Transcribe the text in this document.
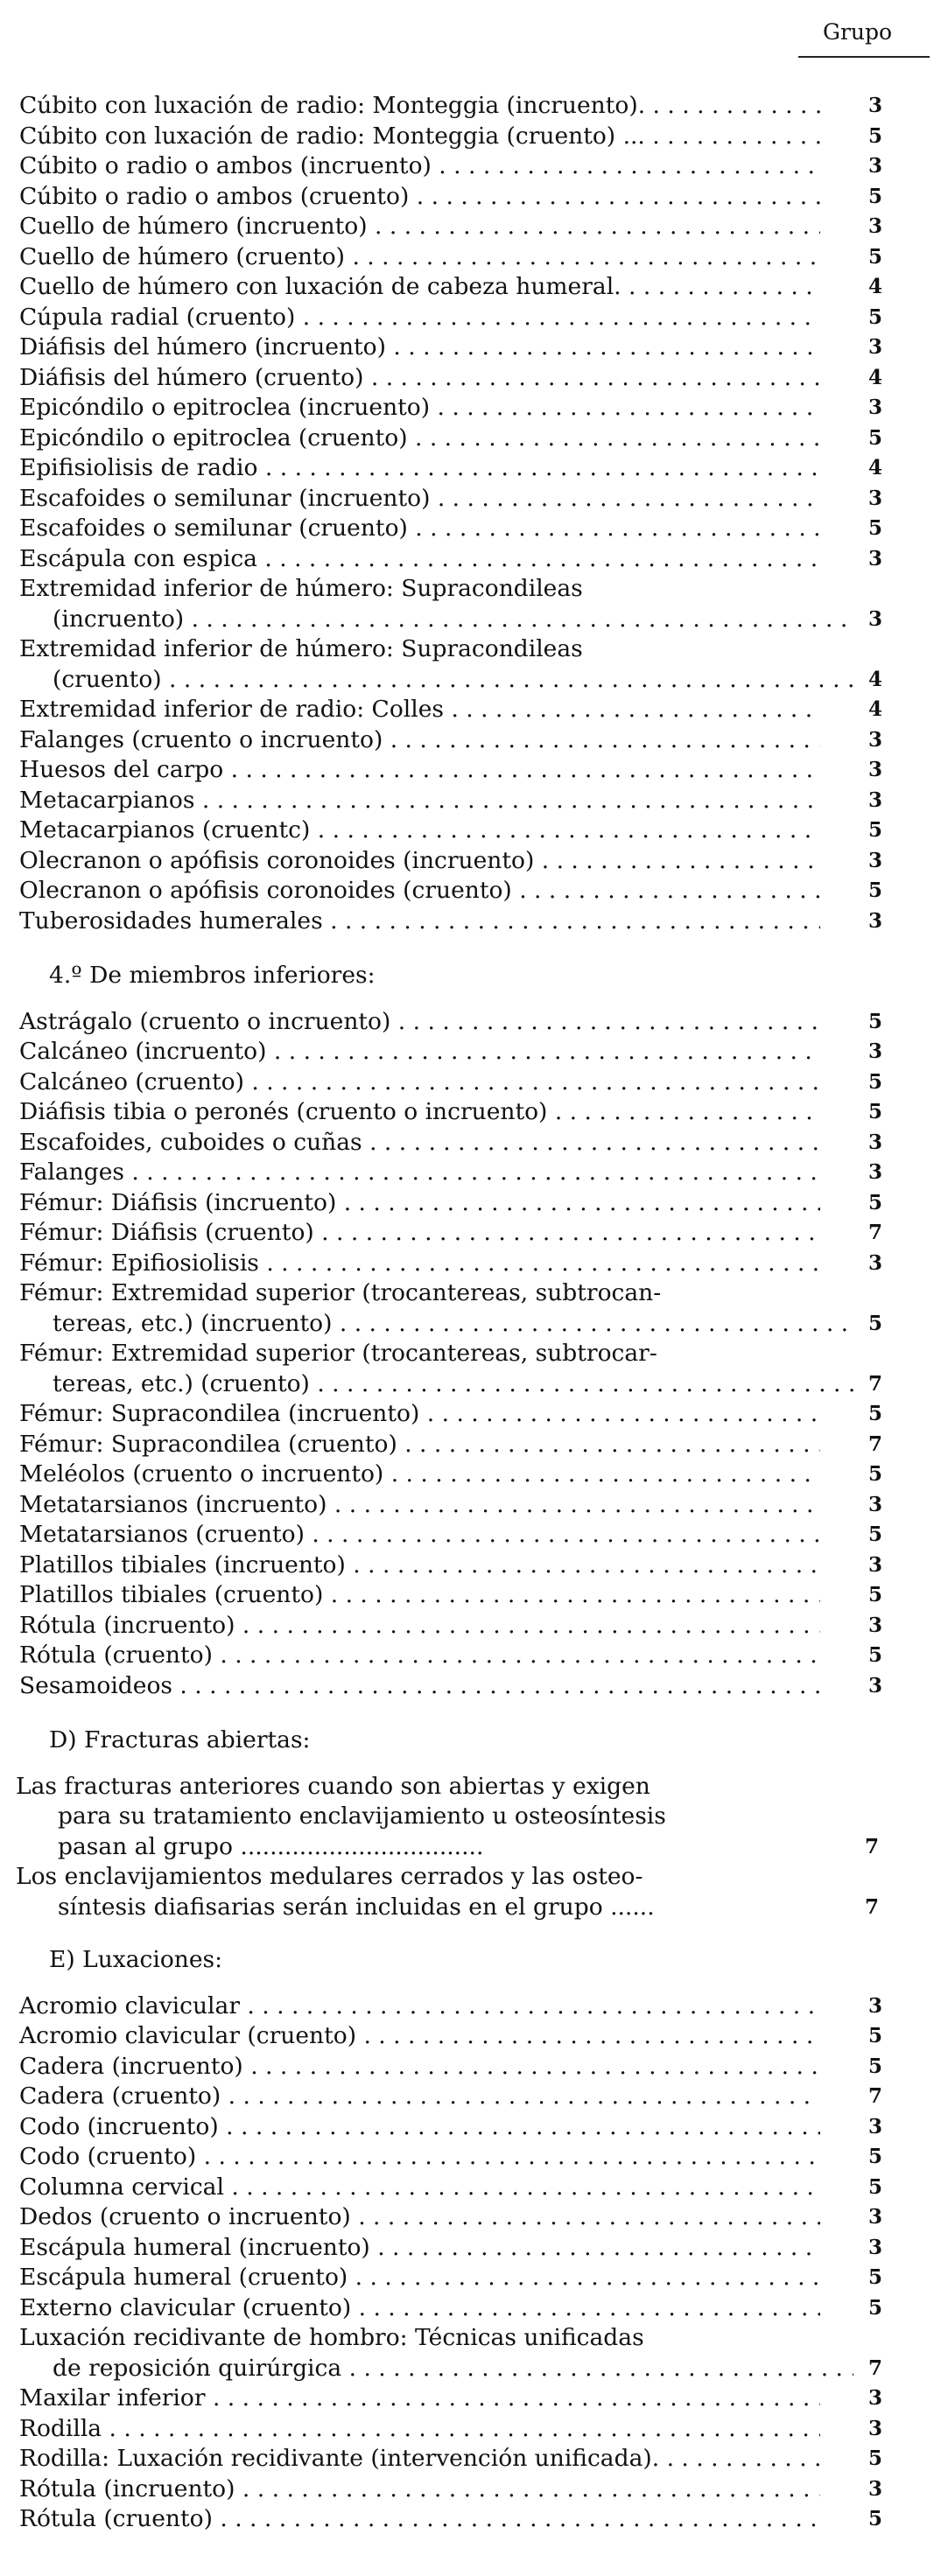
Grupo
Cúbito con luxación de radio: Monteggia (incruento). . . .	3
Cúbito con luxación de radio: Monteggia (cruento) ... . . .	5
Cúbito o radio o ambos (incruento) . . .	3
Cúbito o radio o ambos (cruento) . . .	5
Cuello de húmero (incruento) . . .	3
Cuello de húmero (cruento) . . .	5
Cuello de húmero con luxación de cabeza humeral. . . .	4
Cúpula radial (cruento) . . .	5
Diáfisis del húmero (incruento) . . .	3
Diáfisis del húmero (cruento) . . .	4
Epicóndilo o epitroclea (incruento) . . .	3
Epicóndilo o epitroclea (cruento) . . .	5
Epifisiolisis de radio . . .	4
Escafoides o semilunar (incruento) . . .	3
Escafoides o semilunar (cruento) . . .	5
Escápula con espica . . .	3
Extremidad inferior de húmero: Supracondileas
(incruento) . . .	3
Extremidad inferior de húmero: Supracondileas
(cruento) . . .	4
Extremidad inferior de radio: Colles . . .	4
Falanges (cruento o incruento) . . .	3
Huesos del carpo . . .	3
Metacarpianos . . .	3
Metacarpianos (cruentc) . . .	5
Olecranon o apófisis coronoides (incruento) . . .	3
Olecranon o apófisis coronoides (cruento) . . .	5
Tuberosidades humerales . . .	3
4.º De miembros inferiores:
Astrágalo (cruento o incruento) . . .	5
Calcáneo (incruento) . . .	3
Calcáneo (cruento) . . .	5
Diáfisis tibia o peronés (cruento o incruento) . . .	5
Escafoides, cuboides o cuñas . . .	3
Falanges . . .	3
Fémur: Diáfisis (incruento) . . .	5
Fémur: Diáfisis (cruento) . . .	7
Fémur: Epifiosiolisis . . .	3
Fémur: Extremidad superior (trocantereas, subtrocan-
tereas, etc.) (incruento) . . .	5
Fémur: Extremidad superior (trocantereas, subtrocar-
tereas, etc.) (cruento) . . .	7
Fémur: Supracondilea (incruento) . . .	5
Fémur: Supracondilea (cruento) . . .	7
Meléolos (cruento o incruento) . . .	5
Metatarsianos (incruento) . . .	3
Metatarsianos (cruento) . . .	5
Platillos tibiales (incruento) . . .	3
Platillos tibiales (cruento) . . .	5
Rótula (incruento) . . .	3
Rótula (cruento) . . .	5
Sesamoideos . . .	3
D) Fracturas abiertas:
Las fracturas anteriores cuando son abiertas y exigen
para su tratamiento enclavijamiento u osteosíntesis
pasan al grupo .................................	7
Los enclavijamientos medulares cerrados y las osteo-
síntesis diafisarias serán incluidas en el grupo ......	7
E) Luxaciones:
Acromio clavicular . . .	3
Acromio clavicular (cruento) . . .	5
Cadera (incruento) . . .	5
Cadera (cruento) . . .	7
Codo (incruento) . . .	3
Codo (cruento) . . .	5
Columna cervical . . .	5
Dedos (cruento o incruento) . . .	3
Escápula humeral (incruento) . . .	3
Escápula humeral (cruento) . . .	5
Externo clavicular (cruento) . . .	5
Luxación recidivante de hombro: Técnicas unificadas
de reposición quirúrgica . . .	7
Maxilar inferior . . .	3
Rodilla . . .	3
Rodilla: Luxación recidivante (intervención unificada). . . .	5
Rótula (incruento) . . .	3
Rótula (cruento) . . .	5
